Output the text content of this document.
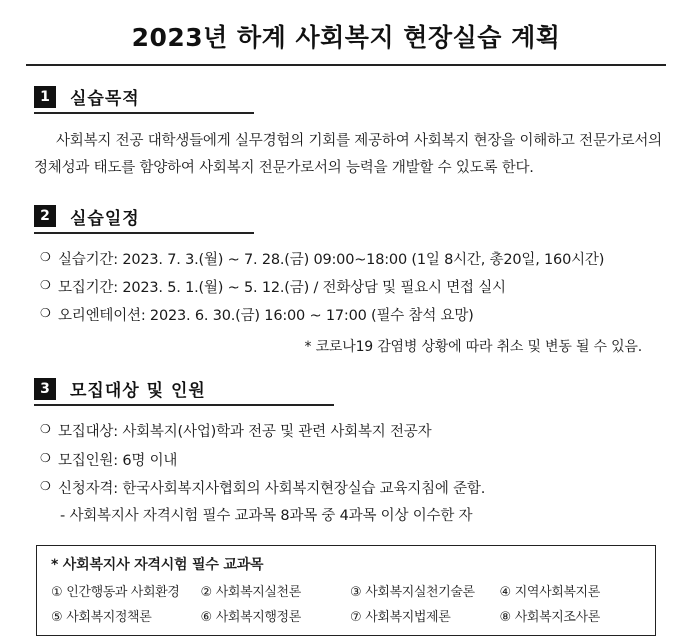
2023년 하계 사회복지 현장실습 계획
1	실습목적

사회복지 전공 대학생들에게 실무경험의 기회를 제공하여 사회복지 현장을 이해하고 전문가로서의 정체성과 태도를 함양하여 사회복지 전문가로서의 능력을 개발할 수 있도록 한다.

2	실습일정
❍ 실습기간: 2023. 7. 3.(월) ~ 7. 28.(금) 09:00~18:00 (1일 8시간, 총20일, 160시간)
❍ 모집기간: 2023. 5. 1.(월) ~ 5. 12.(금) / 전화상담 및 필요시 면접 실시
❍ 오리엔테이션: 2023. 6. 30.(금) 16:00 ~ 17:00 (필수 참석 요망)
* 코로나19 감염병 상황에 따라 취소 및 변동 될 수 있음.
3	모집대상 및 인원
❍ 모집대상: 사회복지(사업)학과 전공 및 관련 사회복지 전공자
❍ 모집인원: 6명 이내
❍ 신청자격: 한국사회복지사협회의 사회복지현장실습 교육지침에 준함.
- 사회복지사 자격시험 필수 교과목 8과목 중 4과목 이상 이수한 자
* 사회복지사 자격시험 필수 교과목
① 인간행동과 사회환경	② 사회복지실천론	③ 사회복지실천기술론	④ 지역사회복지론
⑤ 사회복지정책론	⑥ 사회복지행정론	⑦ 사회복지법제론	⑧ 사회복지조사론
